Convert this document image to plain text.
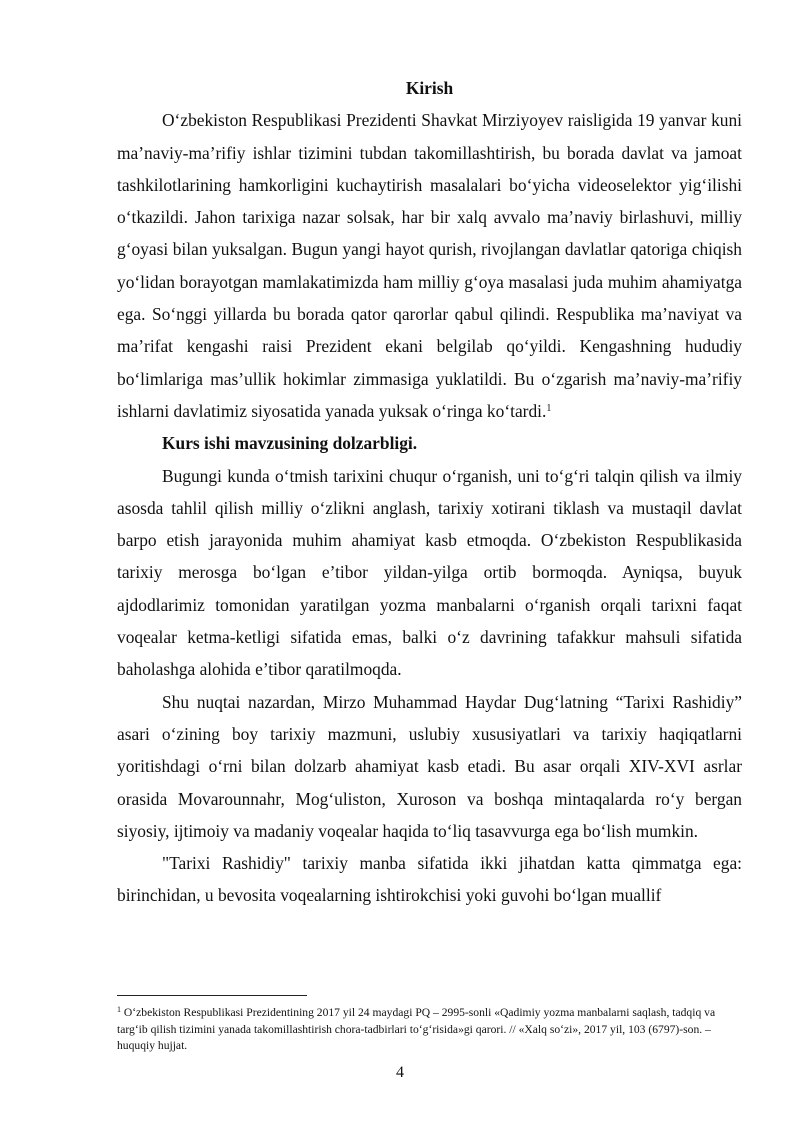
Kirish

O‘zbekiston Respublikasi Prezidenti Shavkat Mirziyoyev raisligida 19 yanvar kuni ma’naviy-ma’rifiy ishlar tizimini tubdan takomillashtirish, bu borada davlat va jamoat tashkilotlarining hamkorligini kuchaytirish masalalari bo‘yicha videoselektor yig‘ilishi o‘tkazildi. Jahon tarixiga nazar solsak, har bir xalq avvalo ma’naviy birlashuvi, milliy g‘oyasi bilan yuksalgan. Bugun yangi hayot qurish, rivojlangan davlatlar qatoriga chiqish yo‘lidan borayotgan mamlakatimizda ham milliy g‘oya masalasi juda muhim ahamiyatga ega. So‘nggi yillarda bu borada qator qarorlar qabul qilindi. Respublika ma’naviyat va ma’rifat kengashi raisi Prezident ekani belgilab qo‘yildi. Kengashning hududiy bo‘limlariga mas’ullik hokimlar zimmasiga yuklatildi. Bu o‘zgarish ma’naviy-ma’rifiy ishlarni davlatimiz siyosatida yanada yuksak o‘ringa ko‘tardi.$^1$

Kurs ishi mavzusining dolzarbligi.

Bugungi kunda o‘tmish tarixini chuqur o‘rganish, uni to‘g‘ri talqin qilish va ilmiy asosda tahlil qilish milliy o‘zlikni anglash, tarixiy xotirani tiklash va mustaqil davlat barpo etish jarayonida muhim ahamiyat kasb etmoqda. O‘zbekiston Respublikasida tarixiy merosga bo‘lgan e’tibor yildan-yilga ortib bormoqda. Ayniqsa, buyuk ajdodlarimiz tomonidan yaratilgan yozma manbalarni o‘rganish orqali tarixni faqat voqealar ketma-ketligi sifatida emas, balki o‘z davrining tafakkur mahsuli sifatida baholashga alohida e’tibor qaratilmoqda.

Shu nuqtai nazardan, Mirzo Muhammad Haydar Dug‘latning “Tarixi Rashidiy” asari o‘zining boy tarixiy mazmuni, uslubiy xususiyatlari va tarixiy haqiqatlarni yoritishdagi o‘rni bilan dolzarb ahamiyat kasb etadi. Bu asar orqali XIV-XVI asrlar orasida Movarounnahr, Mog‘uliston, Xuroson va boshqa mintaqalarda ro‘y bergan siyosiy, ijtimoiy va madaniy voqealar haqida to‘liq tasavvurga ega bo‘lish mumkin.

"Tarixi Rashidiy" tarixiy manba sifatida ikki jihatdan katta qimmatga ega: birinchidan, u bevosita voqealarning ishtirokchisi yoki guvohi bo‘lgan muallif

$^1$ O‘zbekiston Respublikasi Prezidentining 2017 yil 24 maydagi PQ – 2995-sonli «Qadimiy yozma manbalarni saqlash, tadqiq va targ‘ib qilish tizimini yanada takomillashtirish chora-tadbirlari to‘g‘risida»gi qarori. // «Xalq so‘zi», 2017 yil, 103 (6797)-son. – huquqiy hujjat.

4
